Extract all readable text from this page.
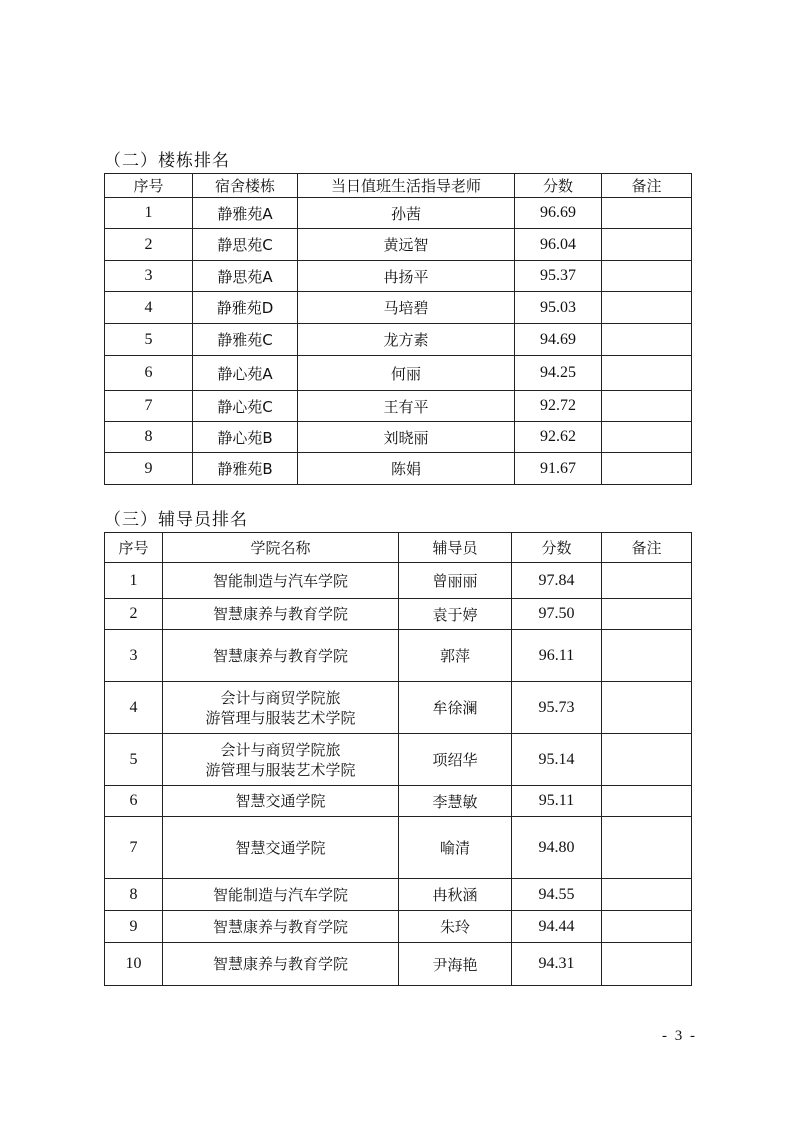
（二）楼栋排名
序号	宿舍楼栋	当日值班生活指导老师	分数	备注
1	静雅苑A	孙茜	96.69	
2	静思苑C	黄远智	96.04	
3	静思苑A	冉扬平	95.37	
4	静雅苑D	马培碧	95.03	
5	静雅苑C	龙方素	94.69	
6	静心苑A	何丽	94.25	
7	静心苑C	王有平	92.72	
8	静心苑B	刘晓丽	92.62	
9	静雅苑B	陈娟	91.67	
（三）辅导员排名
序号	学院名称	辅导员	分数	备注
1	智能制造与汽车学院	曾丽丽	97.84	
2	智慧康养与教育学院	袁于婷	97.50	
3	智慧康养与教育学院	郭萍	96.11	
4	会计与商贸学院旅
游管理与服装艺术学院	牟徐澜	95.73	
5	会计与商贸学院旅
游管理与服装艺术学院	项绍华	95.14	
6	智慧交通学院	李慧敏	95.11	
7	智慧交通学院	喻清	94.80	
8	智能制造与汽车学院	冉秋涵	94.55	
9	智慧康养与教育学院	朱玲	94.44	
10	智慧康养与教育学院	尹海艳	94.31	
- 3 -
